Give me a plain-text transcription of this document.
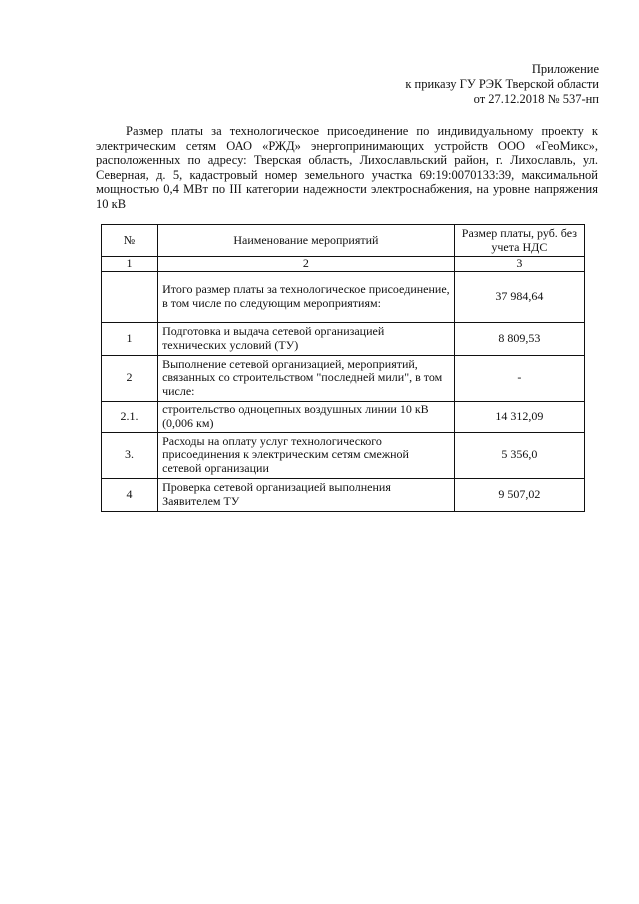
Приложение
к приказу ГУ РЭК Тверской области
от 27.12.2018 № 537-нп
Размер платы за технологическое присоединение по индивидуальному проекту к электрическим сетям ОАО «РЖД» энергопринимающих устройств ООО «ГеоМикс», расположенных по адресу: Тверская область, Лихославльский район, г. Лихославль, ул. Северная, д. 5, кадастровый номер земельного участка 69:19:0070133:39, максимальной мощностью 0,4 МВт по III категории надежности электроснабжения, на уровне напряжения 10 кВ
№	Наименование мероприятий	Размер платы, руб. без учета НДС
1	2	3
	Итого размер платы за технологическое присоединение, в том числе по следующим мероприятиям:	37 984,64
1	Подготовка и выдача сетевой организацией технических условий (ТУ)	8 809,53
2	Выполнение сетевой организацией, мероприятий, связанных со строительством "последней мили", в том числе:	-
2.1.	строительство одноцепных воздушных линии 10 кВ (0,006 км)	14 312,09
3.	Расходы на оплату услуг технологического присоединения к электрическим сетям смежной сетевой организации	5 356,0
4	Проверка сетевой организацией выполнения Заявителем ТУ	9 507,02
